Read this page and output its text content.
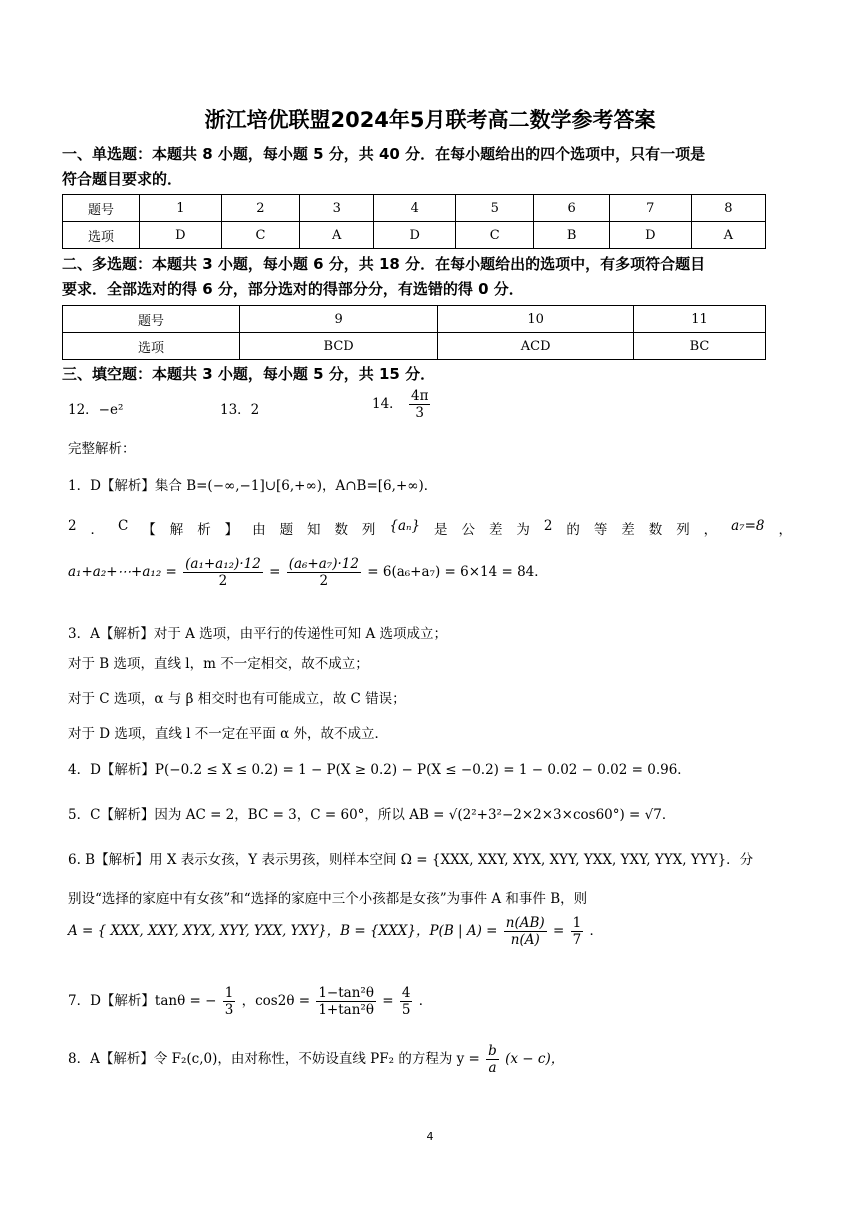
浙江培优联盟2024年5月联考高二数学参考答案
一、单选题：本题共 8 小题，每小题 5 分，共 40 分．在每小题给出的四个选项中，只有一项是
符合题目要求的．
题号	1	2	3	4	5	6	7	8
选项	D	C	A	D	C	B	D	A
二、多选题：本题共 3 小题，每小题 6 分，共 18 分．在每小题给出的选项中，有多项符合题目
要求．全部选对的得 6 分，部分选对的得部分分，有选错的得 0 分．
题号	9	10	11
选项	BCD	ACD	BC
三、填空题：本题共 3 小题，每小题 5 分，共 15 分．
12．−e²	13．2	14． $\frac{4\pi}{3}$
完整解析：
1．D【解析】集合 B=(−∞,−1]∪[6,+∞)，A∩B=[6,+∞)．
2 ． C 【 解 析 】 由 题 知 数 列 {aₙ} 是 公 差 为 2 的 等 差 数 列 ， a₇=8 ，
a₁+a₂+⋯+a₁₂ = $\frac{\text{(a₁+a₁₂)·12}}{2} = \frac{\text{(a₆+a₇)·12}}{2} = 6(a_6+a_7) = 6\times 14 = 84$．
3．A【解析】对于 A 选项，由平行的传递性可知 A 选项成立；
对于 B 选项，直线 l，m 不一定相交，故不成立；
对于 C 选项，α 与 β 相交时也有可能成立，故 C 错误；
对于 D 选项，直线 l 不一定在平面 α 外，故不成立．
4．D【解析】P(−0.2 ≤ X ≤ 0.2) = 1 − P(X ≥ 0.2) − P(X ≤ −0.2) = 1 − 0.02 − 0.02 = 0.96．
5．C【解析】因为 AC = 2，BC = 3，C = 60°，所以 AB = √(2²+3²−2×2×3×cos60°) = √7．
6. B【解析】用 X 表示女孩，Y 表示男孩，则样本空间 Ω = {XXX, XXY, XYX, XYY, YXX, YXY, YYX, YYY}．分
别设“选择的家庭中有女孩”和“选择的家庭中三个小孩都是女孩”为事件 A 和事件 B，则
A = { XXX, XXY, XYX, XYY, YXX, YXY}，B = {XXX}，P(B | $A) = \frac{n(AB)}{n(A)} = \frac{1}{7}$ ．
7．D【解析】tanθ = − $\frac{1}{3}$ ，$\cos 2\theta = \frac{\text{1−tan²θ}}{\text{1+tan²θ}} = \frac{4}{5}$ ．
8．A【解析】令 F₂(c,0)，由对称性，不妨设直线 PF₂ 的方程为 $y = \frac{b}{a} (x - c)$，
4
